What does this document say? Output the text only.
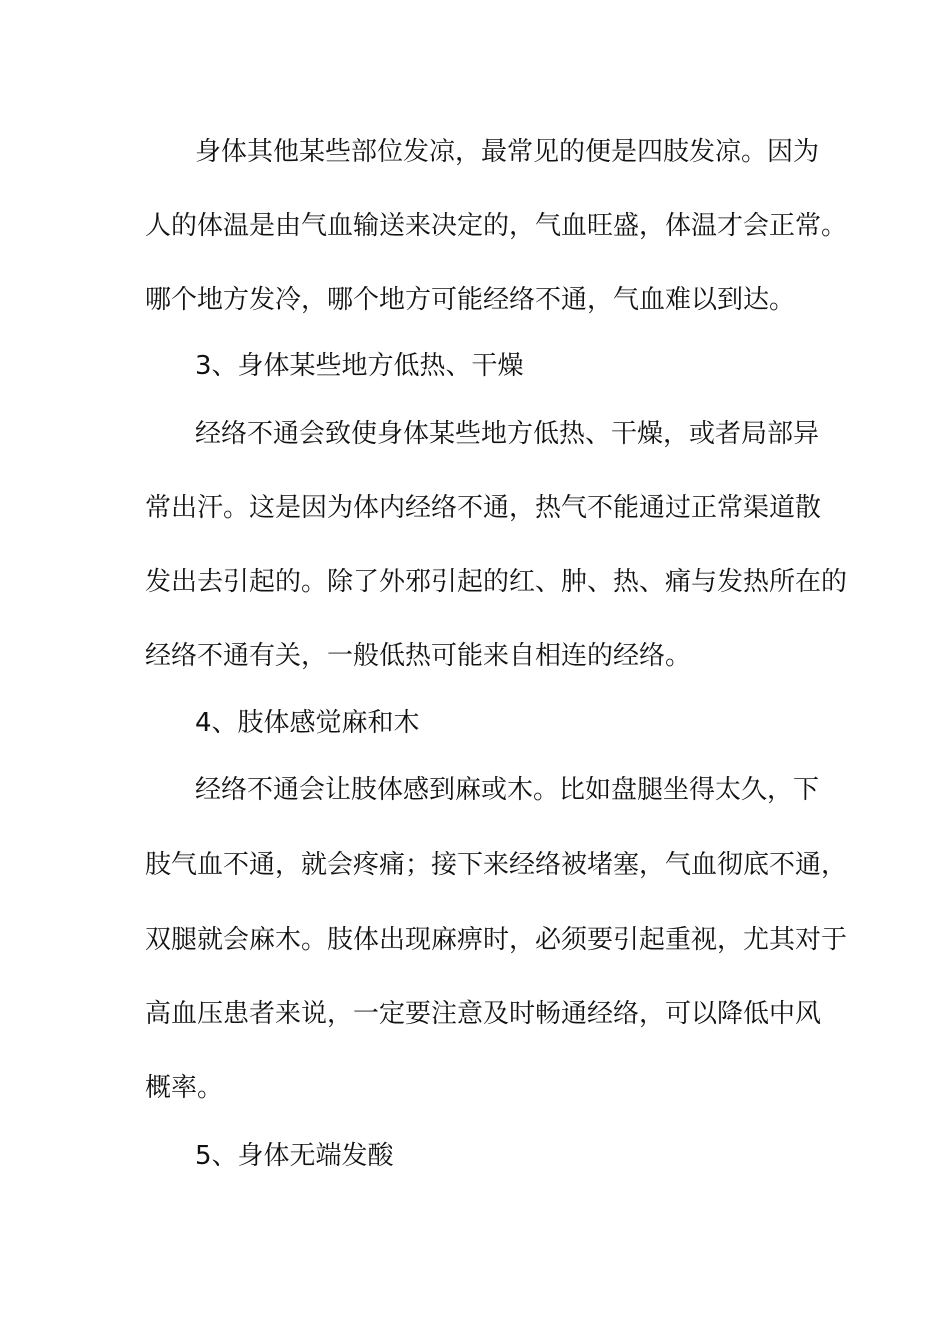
身体其他某些部位发凉，最常见的便是四肢发凉。因为
人的体温是由气血输送来决定的，气血旺盛，体温才会正常。
哪个地方发冷，哪个地方可能经络不通，气血难以到达。
3、身体某些地方低热、干燥
经络不通会致使身体某些地方低热、干燥，或者局部异
常出汗。这是因为体内经络不通，热气不能通过正常渠道散
发出去引起的。除了外邪引起的红、肿、热、痛与发热所在的
经络不通有关，一般低热可能来自相连的经络。
4、肢体感觉麻和木
经络不通会让肢体感到麻或木。比如盘腿坐得太久，下
肢气血不通，就会疼痛；接下来经络被堵塞，气血彻底不通，
双腿就会麻木。肢体出现麻痹时，必须要引起重视，尤其对于
高血压患者来说，一定要注意及时畅通经络，可以降低中风
概率。
5、身体无端发酸
